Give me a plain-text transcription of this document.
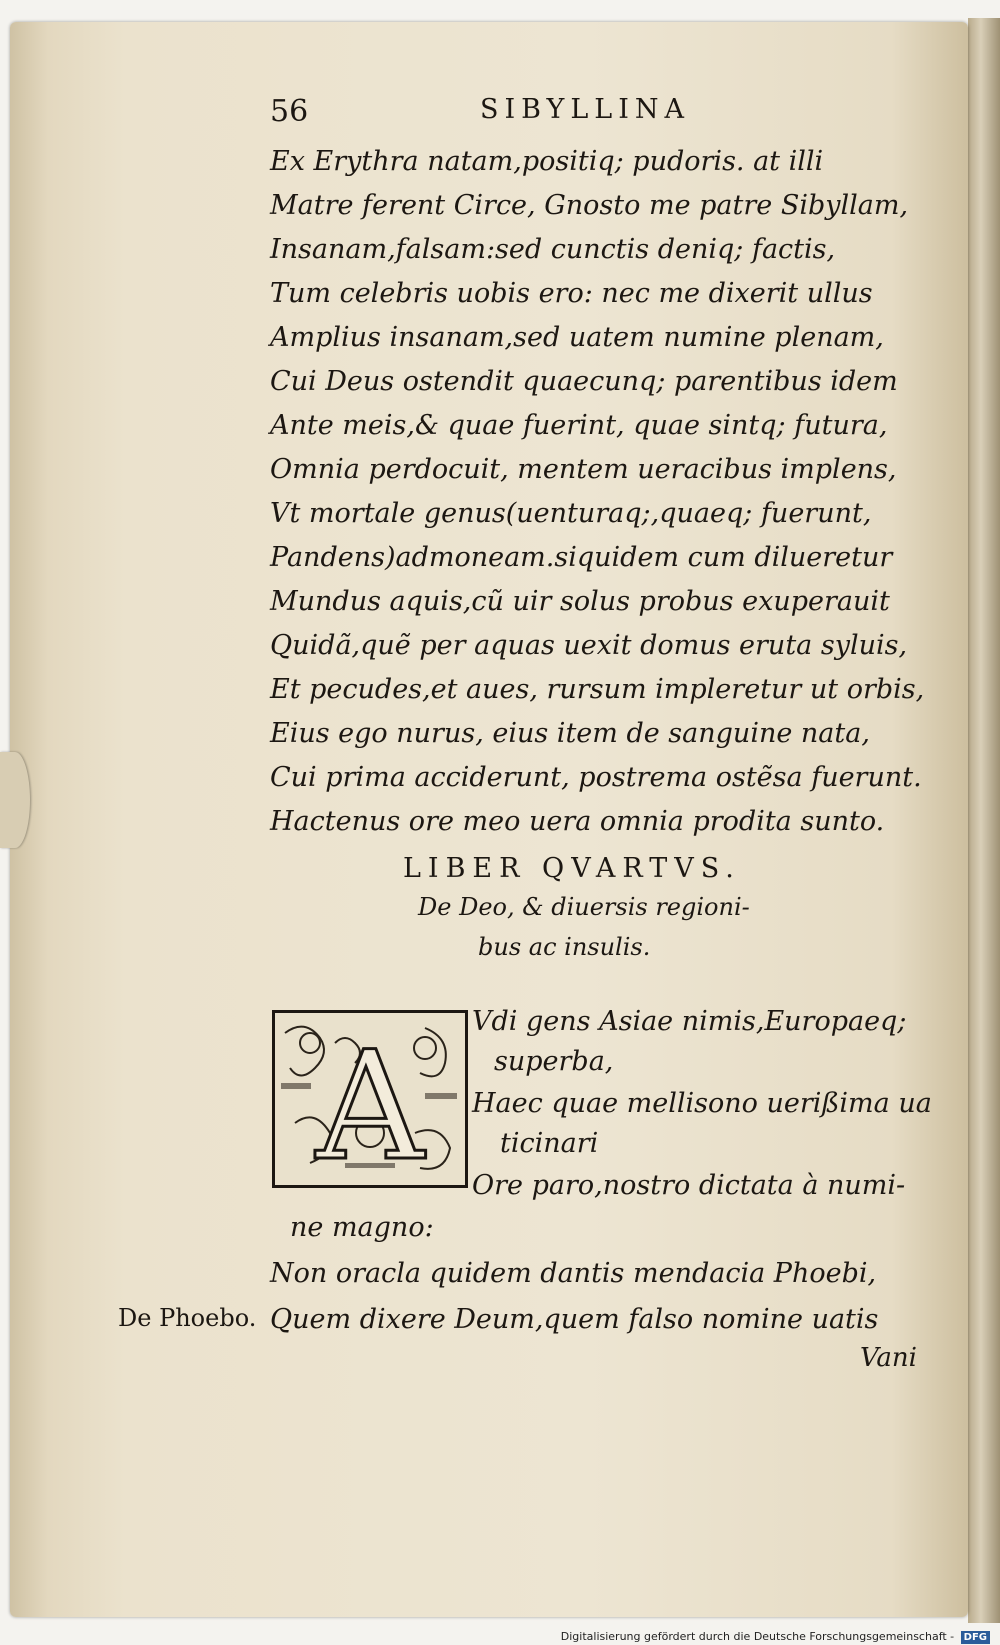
56	SIBYLLINA
Ex Erythra natam,positiq; pudoris. at illi
Matre ferent Circe, Gnosto me patre Sibyllam,
Insanam,falsam:sed cunctis deniq; factis,
Tum celebris uobis ero: nec me dixerit ullus
Amplius insanam,sed uatem numine plenam,
Cui Deus ostendit quaecunq; parentibus idem
Ante meis,& quae fuerint, quae sintq; futura,
Omnia perdocuit, mentem ueracibus implens,
Vt mortale genus(uenturaq;,quaeq; fuerunt,
Pandens)admoneam.siquidem cum dilueretur
Mundus aquis,cũ uir solus probus exuperauit
Quidã,quẽ per aquas uexit domus eruta syluis,
Et pecudes,et aues, rursum impleretur ut orbis,
Eius ego nurus, eius item de sanguine nata,
Cui prima acciderunt, postrema ostẽsa fuerunt.
Hactenus ore meo uera omnia prodita sunto.
LIBER QVARTVS.
De Deo, & diuersis regioni-
bus ac insulis.
A Vdi gens Asiae nimis,Europaeq;
superba,
Haec quae mellisono uerißima ua
ticinari
Ore paro,nostro dictata à numi-
ne magno:
Non oracla quidem dantis mendacia Phoebi,
Quem dixere Deum,quem falso nomine uatis
De Phoebo.
Vani
Digitalisierung gefördert durch die Deutsche Forschungsgemeinschaft - DFG
